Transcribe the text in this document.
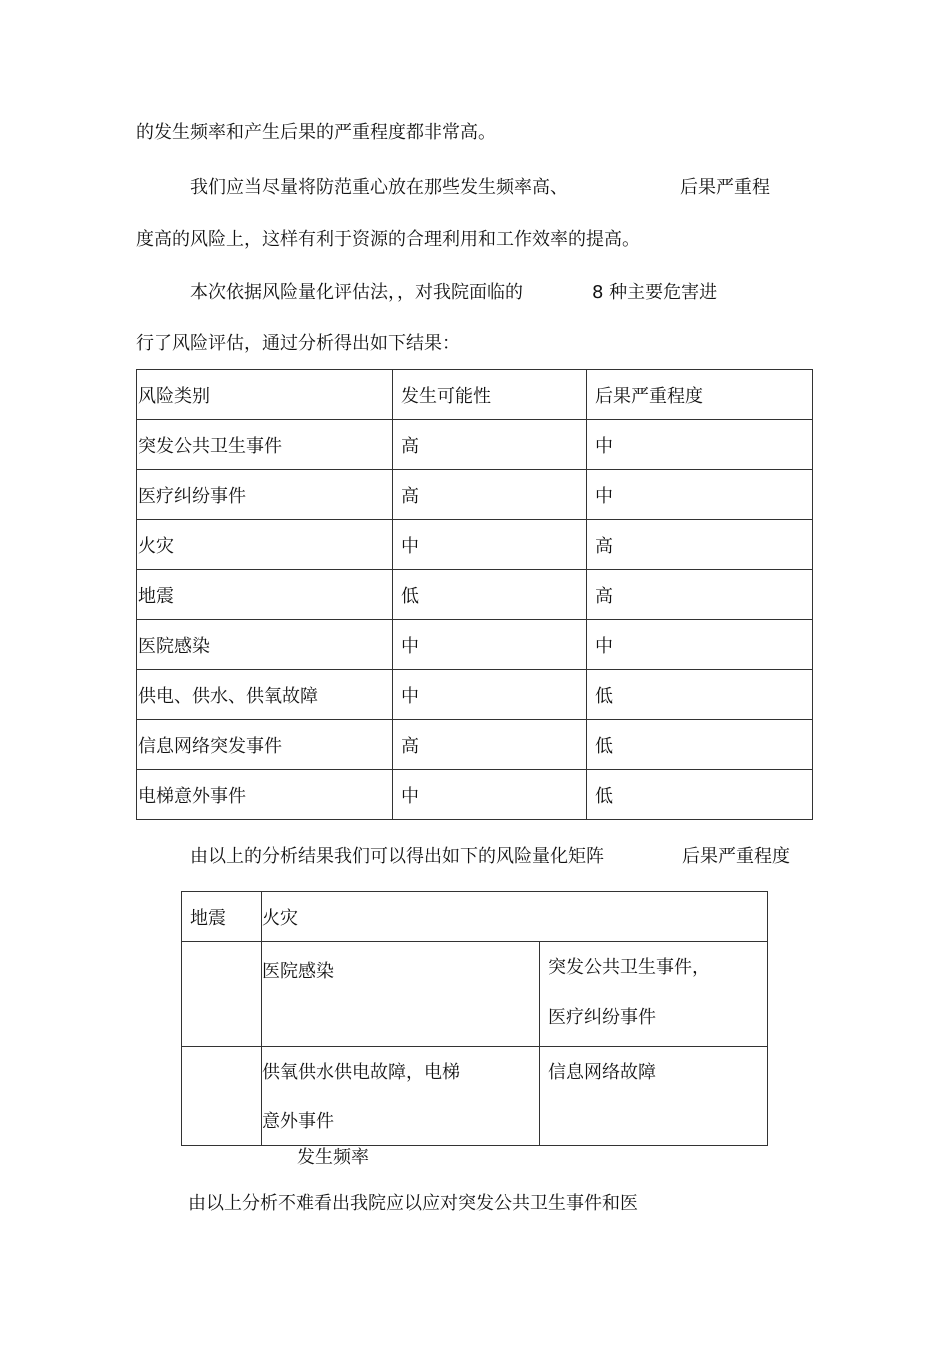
的发生频率和产生后果的严重程度都非常高。
我们应当尽量将防范重心放在那些发生频率高、	后果严重程
度高的风险上，这样有利于资源的合理利用和工作效率的提高。
本次依据风险量化评估法，，对我院面临的	8 种主要危害进
行了风险评估，通过分析得出如下结果：
风险类别	发生可能性	后果严重程度
突发公共卫生事件	高	中
医疗纠纷事件	高	中
火灾	中	高
地震	低	高
医院感染	中	中
供电、供水、供氧故障	中	低
信息网络突发事件	高	低
电梯意外事件	中	低
由以上的分析结果我们可以得出如下的风险量化矩阵	后果严重程度
地震	火灾	

	医院感染	突发公共卫生事件，
医疗纠纷事件

	供氧供水供电故障，电梯
意外事件	信息网络故障
发生频率
由以上分析不难看出我院应以应对突发公共卫生事件和医
